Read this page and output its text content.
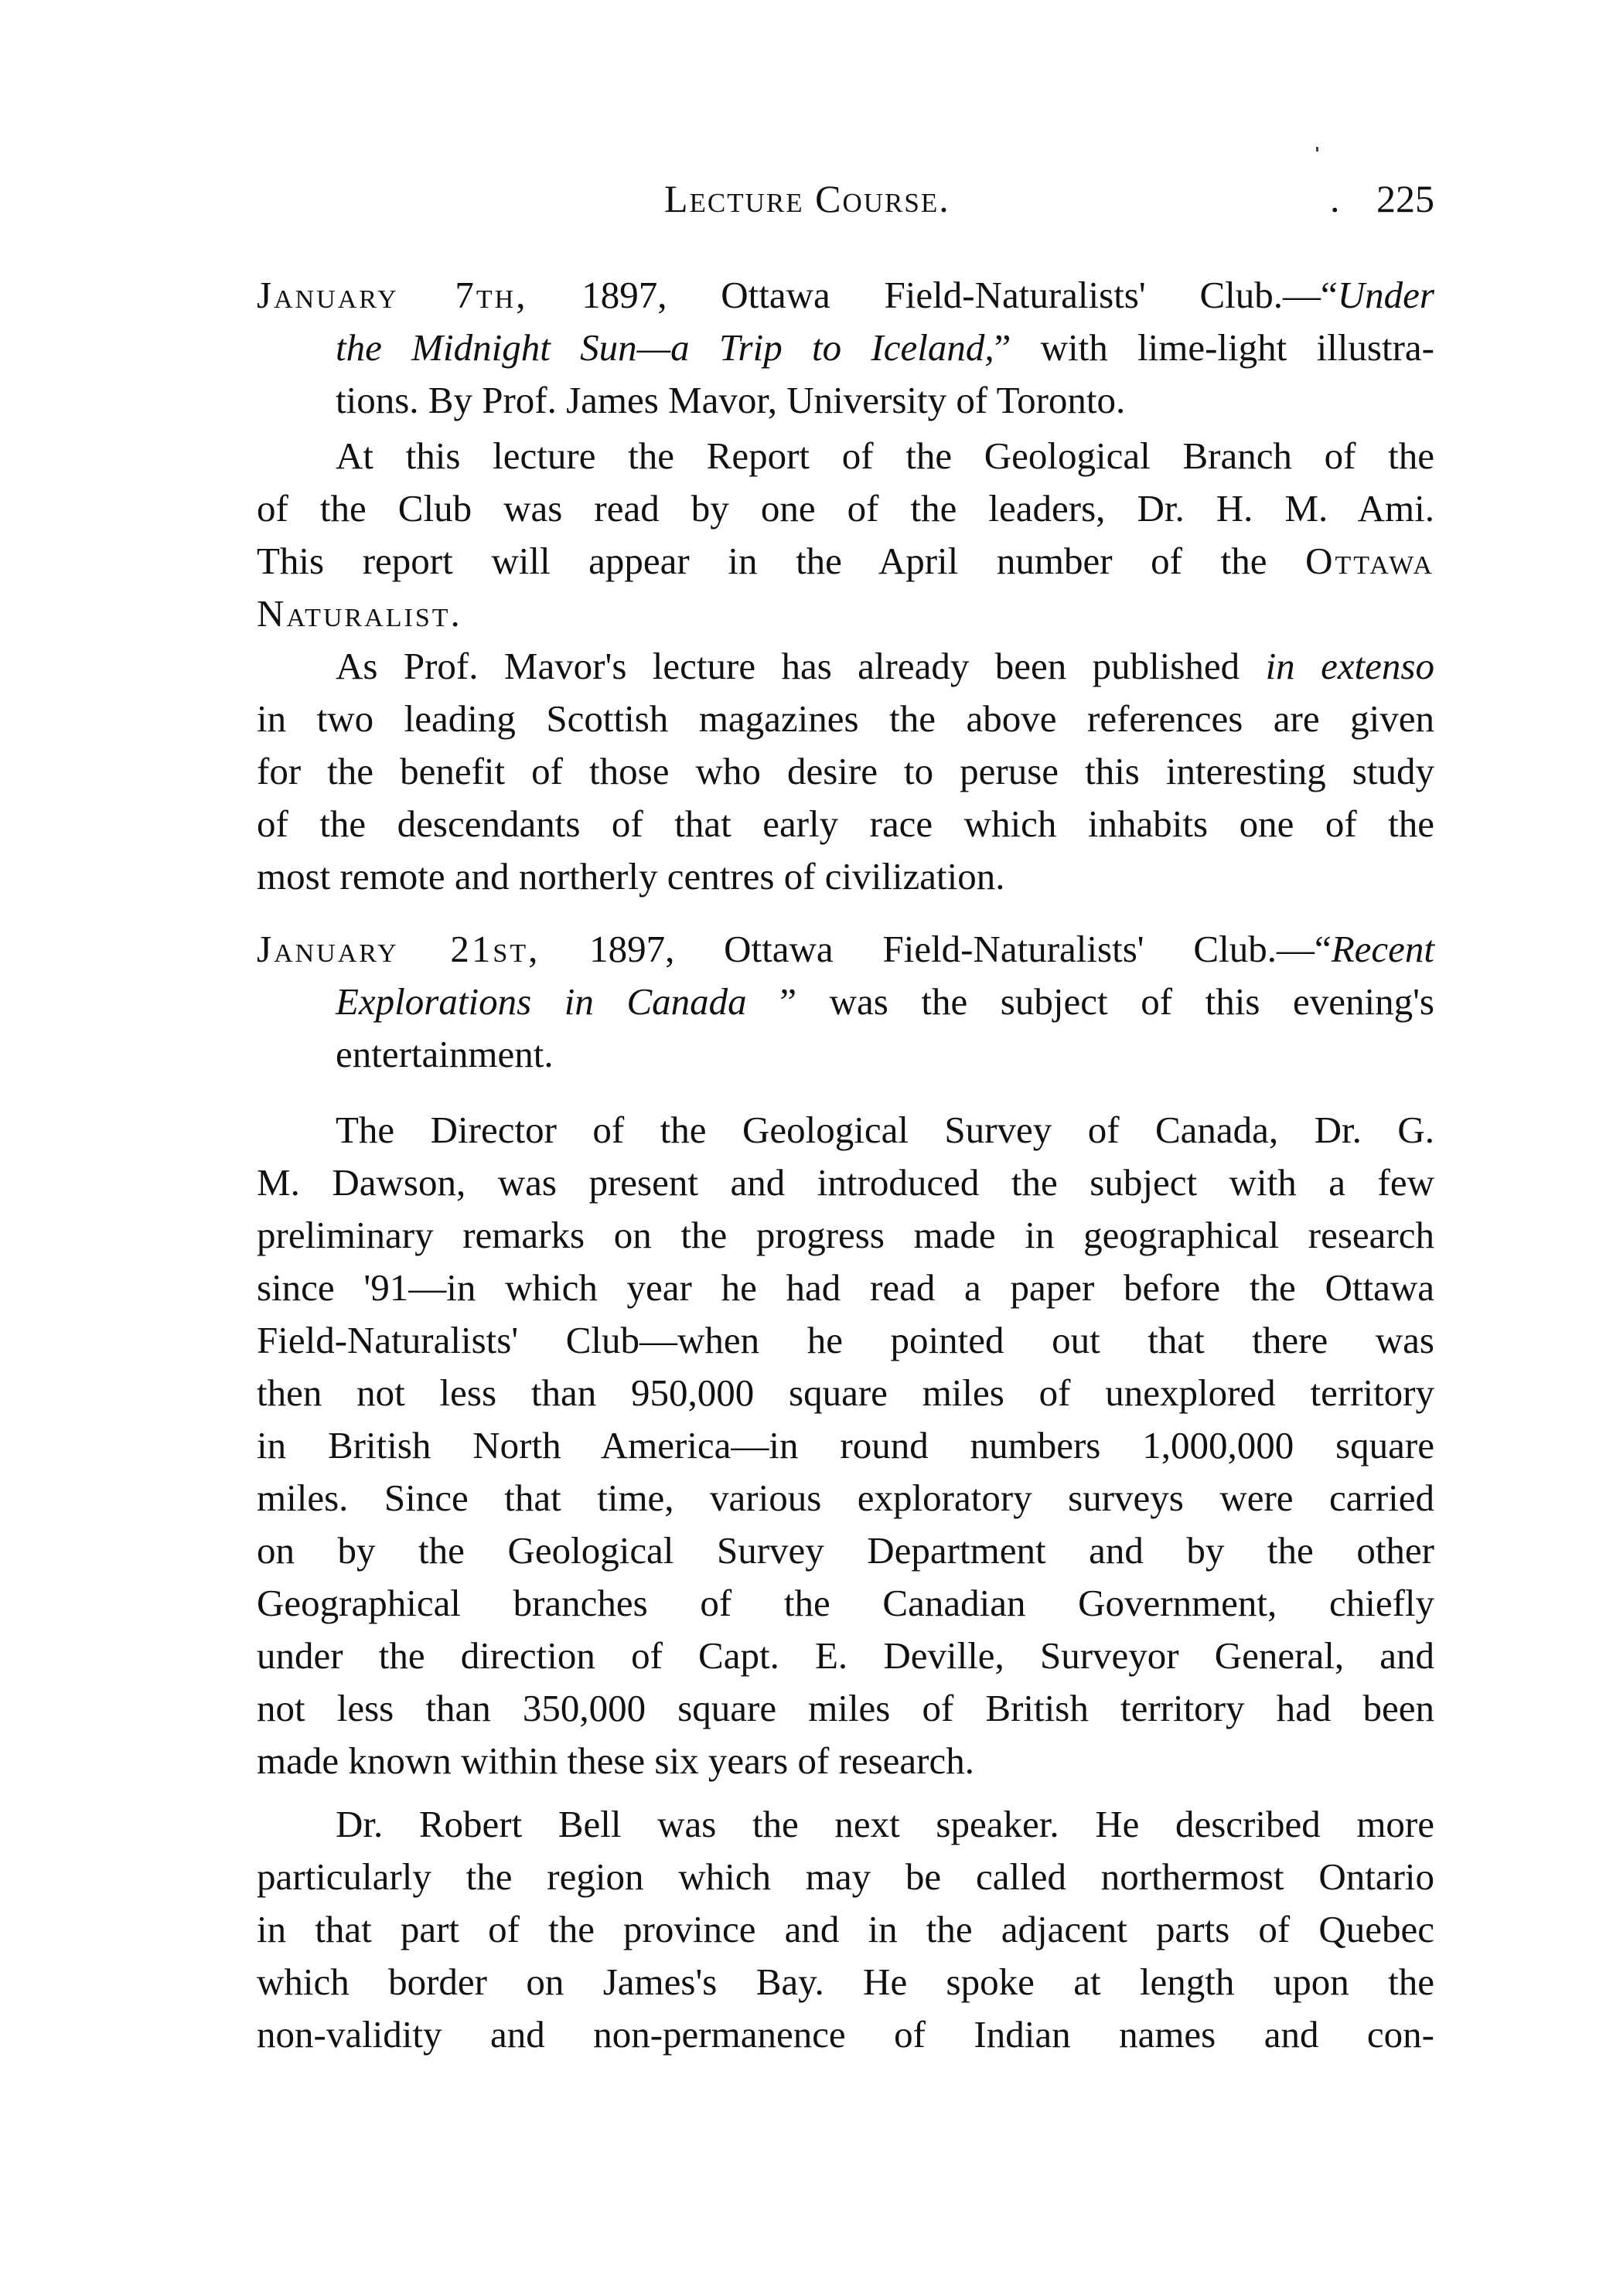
Lecture Course.	. 225
January 7th, 1897, Ottawa Field-Naturalists' Club.—“Under
the Midnight Sun—a Trip to Iceland,” with lime-light illustra-
tions. By Prof. James Mavor, University of Toronto.
At this lecture the Report of the Geological Branch of the
of the Club was read by one of the leaders, Dr. H. M. Ami.
This report will appear in the April number of the Ottawa
Naturalist.
As Prof. Mavor's lecture has already been published in extenso
in two leading Scottish magazines the above references are given
for the benefit of those who desire to peruse this interesting study
of the descendants of that early race which inhabits one of the
most remote and northerly centres of civilization.
January 21st, 1897, Ottawa Field-Naturalists' Club.—“Recent
Explorations in Canada ” was the subject of this evening's
entertainment.
The Director of the Geological Survey of Canada, Dr. G.
M. Dawson, was present and introduced the subject with a few
preliminary remarks on the progress made in geographical research
since '91—in which year he had read a paper before the Ottawa
Field-Naturalists' Club—when he pointed out that there was
then not less than 950,000 square miles of unexplored territory
in British North America—in round numbers 1,000,000 square
miles. Since that time, various exploratory surveys were carried
on by the Geological Survey Department and by the other
Geographical branches of the Canadian Government, chiefly
under the direction of Capt. E. Deville, Surveyor General, and
not less than 350,000 square miles of British territory had been
made known within these six years of research.
Dr. Robert Bell was the next speaker. He described more
particularly the region which may be called northermost Ontario
in that part of the province and in the adjacent parts of Quebec
which border on James's Bay. He spoke at length upon the
non-validity and non-permanence of Indian names and con-
